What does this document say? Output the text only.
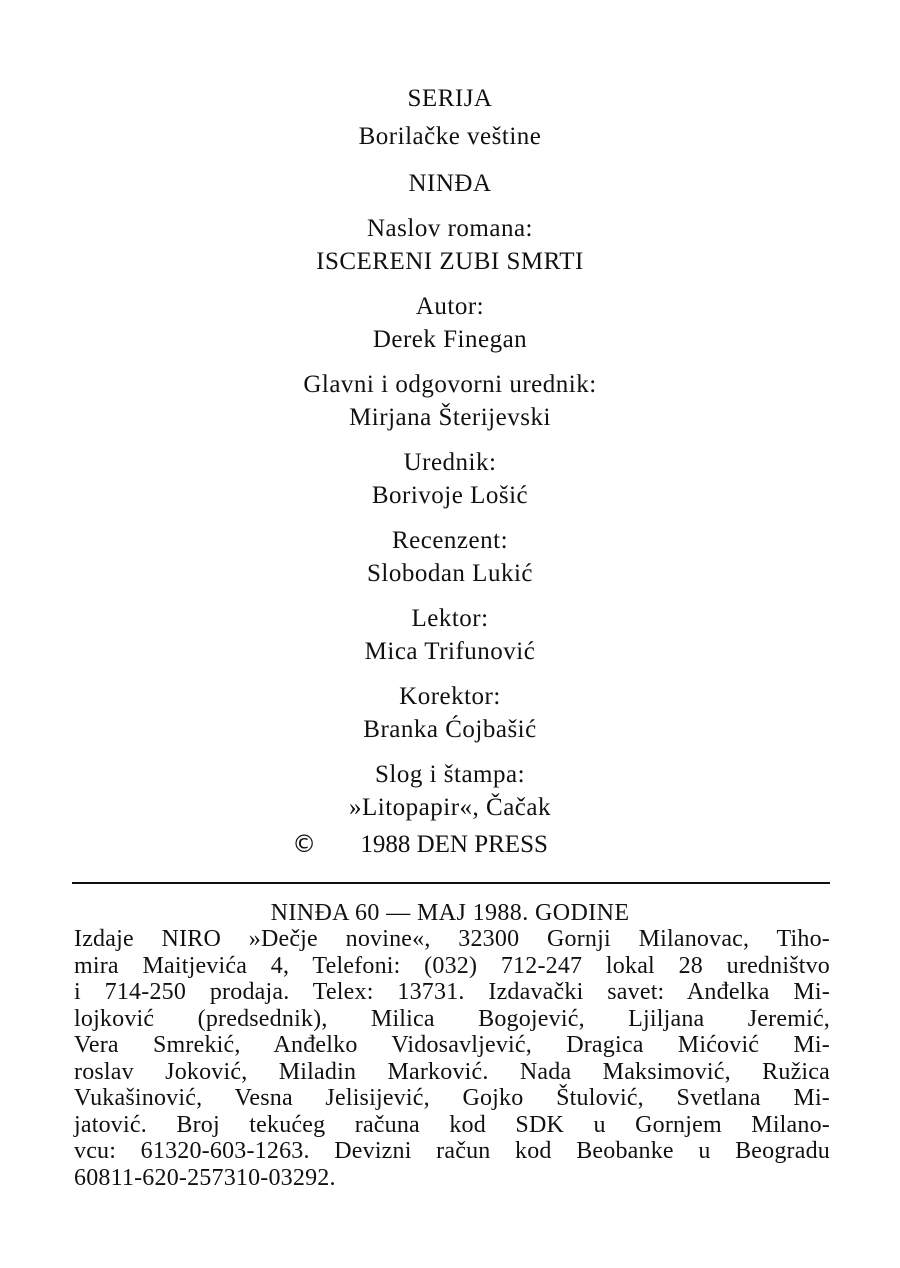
SERIJA
Borilačke veštine
NINĐA
Naslov romana:
ISCERENI ZUBI SMRTI
Autor:
Derek Finegan
Glavni i odgovorni urednik:
Mirjana Šterijevski
Urednik:
Borivoje Lošić
Recenzent:
Slobodan Lukić
Lektor:
Mica Trifunović
Korektor:
Branka Ćojbašić
Slog i štampa:
»Litopapir«, Čačak
© 1988 DEN PRESS
NINĐA 60 — MAJ 1988. GODINE
Izdaje NIRO »Dečje novine«, 32300 Gornji Milanovac, Tiho-
mira Maitjevića 4, Telefoni: (032) 712-247 lokal 28 uredništvo
i 714-250 prodaja. Telex: 13731. Izdavački savet: Anđelka Mi-
lojković (predsednik), Milica Bogojević, Ljiljana Jeremić,
Vera Smrekić, Anđelko Vidosavljević, Dragica Mićović Mi-
roslav Joković, Miladin Marković. Nada Maksimović, Ružica
Vukašinović, Vesna Jelisijević, Gojko Štulović, Svetlana Mi-
jatović. Broj tekućeg računa kod SDK u Gornjem Milano-
vcu: 61320-603-1263. Devizni račun kod Beobanke u Beogradu
60811-620-257310-03292.
